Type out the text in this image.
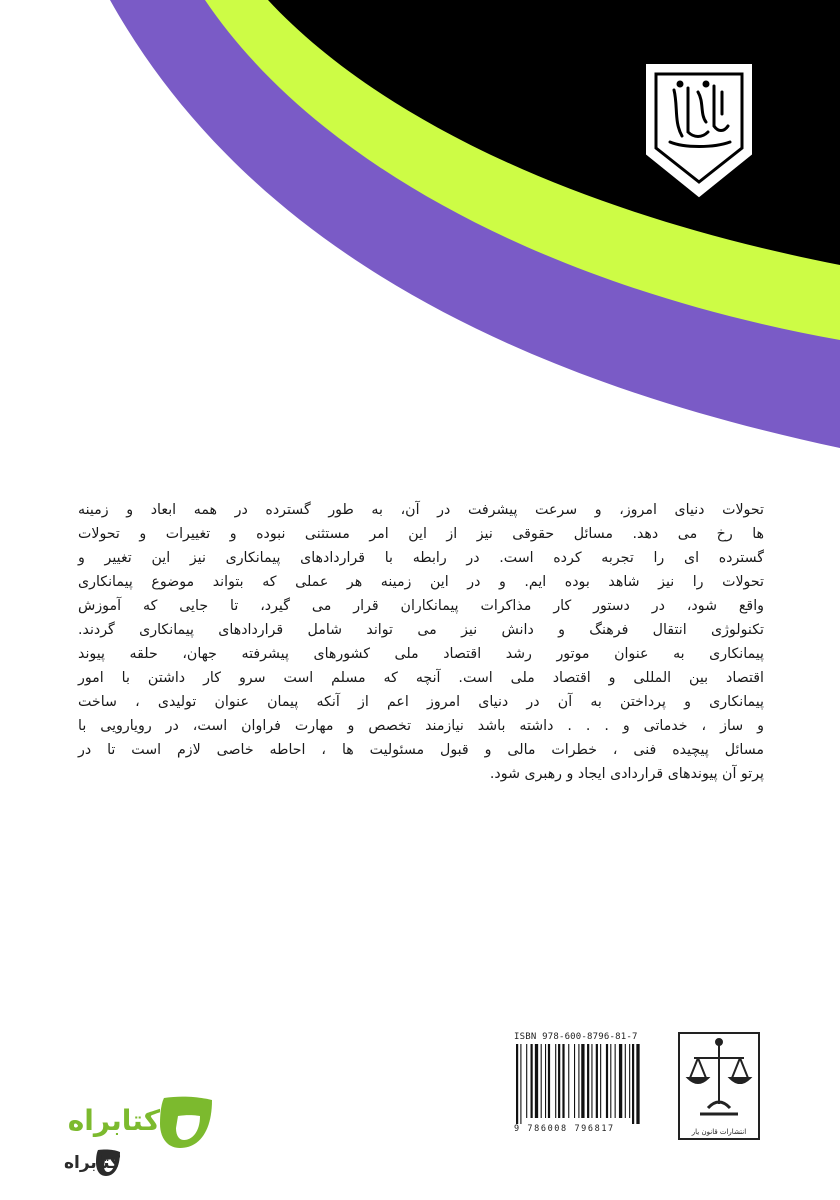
تحولات دنیای امروز، و سرعت پیشرفت در آن، به طور گسترده در همه ابعاد و زمینه
ها رخ می دهد. مسائل حقوقی نیز از این امر مستثنی نبوده و تغییرات و تحولات
گسترده ای را تجربه کرده است. در رابطه با قراردادهای پیمانکاری نیز این تغییر و
تحولات را نیز شاهد بوده ایم. و در این زمینه هر عملی که بتواند موضوع پیمانکاری
واقع شود، در دستور کار مذاکرات پیمانکاران قرار می گیرد، تا جایی که آموزش
تکنولوژی انتقال فرهنگ و دانش نیز می تواند شامل قراردادهای پیمانکاری گردند.
پیمانکاری به عنوان موتور رشد اقتصاد ملی کشورهای پیشرفته جهان، حلقه پیوند
اقتصاد بین المللی و اقتصاد ملی است. آنچه که مسلم است سرو کار داشتن با امور
پیمانکاری و پرداختن به آن در دنیای امروز اعم از آنکه پیمان عنوان تولیدی ، ساخت
و ساز ، خدماتی و . . . داشته باشد نیازمند تخصص و مهارت فراوان است، در رویارویی با
مسائل پیچیده فنی ، خطرات مالی و قبول مسئولیت ها ، احاطه خاصی لازم است تا در
پرتو آن پیوندهای قراردادی ایجاد و رهبری شود.
ISBN 978-600-8796-81-7
9 786008 796817	انتشارات قانون یار
کتابراه
کتابراه
